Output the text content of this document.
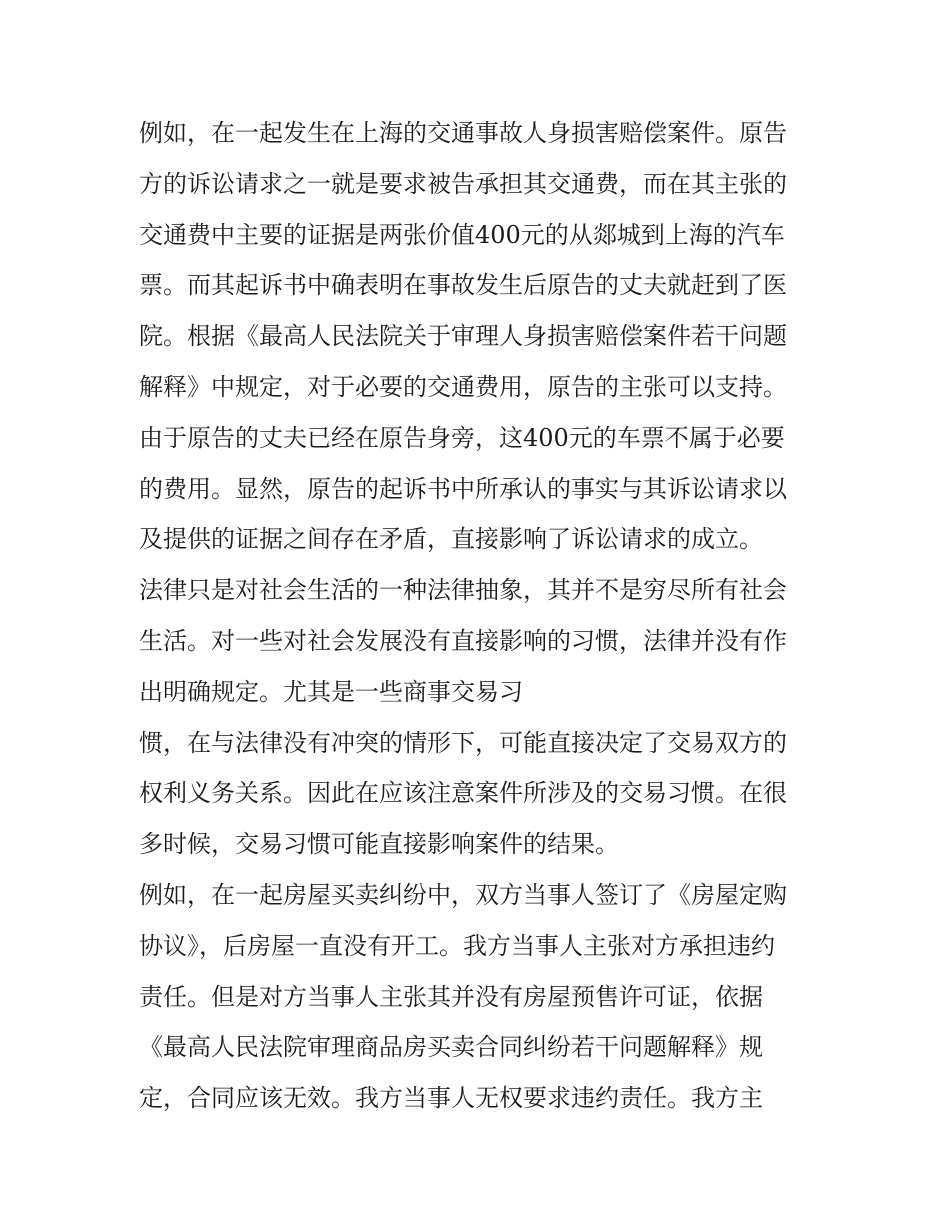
例如，在一起发生在上海的交通事故人身损害赔偿案件。原告
方的诉讼请求之一就是要求被告承担其交通费，而在其主张的
交通费中主要的证据是两张价值400元的从郯城到上海的汽车
票。而其起诉书中确表明在事故发生后原告的丈夫就赶到了医
院。根据《最高人民法院关于审理人身损害赔偿案件若干问题
解释》中规定，对于必要的交通费用，原告的主张可以支持。
由于原告的丈夫已经在原告身旁，这400元的车票不属于必要
的费用。显然，原告的起诉书中所承认的事实与其诉讼请求以
及提供的证据之间存在矛盾，直接影响了诉讼请求的成立。
法律只是对社会生活的一种法律抽象，其并不是穷尽所有社会
生活。对一些对社会发展没有直接影响的习惯，法律并没有作
出明确规定。尤其是一些商事交易习
惯，在与法律没有冲突的情形下，可能直接决定了交易双方的
权利义务关系。因此在应该注意案件所涉及的交易习惯。在很
多时候，交易习惯可能直接影响案件的结果。
例如，在一起房屋买卖纠纷中，双方当事人签订了《房屋定购
协议》，后房屋一直没有开工。我方当事人主张对方承担违约
责任。但是对方当事人主张其并没有房屋预售许可证，依据
《最高人民法院审理商品房买卖合同纠纷若干问题解释》规
定，合同应该无效。我方当事人无权要求违约责任。我方主
